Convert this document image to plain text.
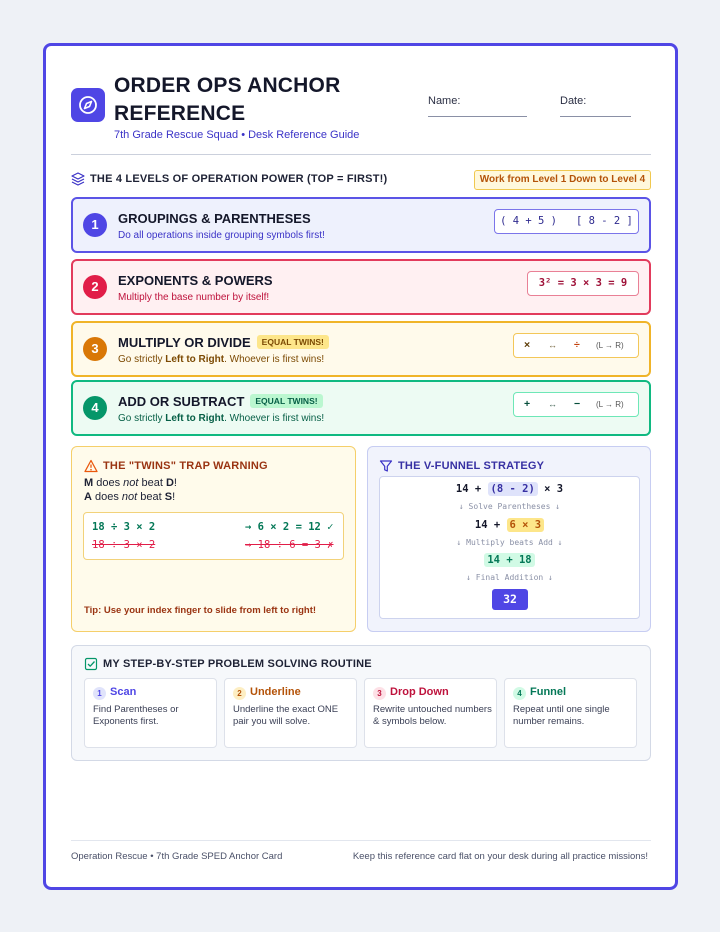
ORDER OPS ANCHOR REFERENCE
7th Grade Rescue Squad • Desk Reference Guide
Name:	Date:
THE 4 LEVELS OF OPERATION POWER (TOP = FIRST!)	Work from Level 1 Down to Level 4
1	GROUPINGS & PARENTHESES
Do all operations inside grouping symbols first!
( 4 + 5 )   [ 8 - 2 ]
2	EXPONENTS & POWERS
Multiply the base number by itself!
3² = 3 × 3 = 9
3	MULTIPLY OR DIVIDE EQUAL TWINS!
Go strictly Left to Right. Whoever is first wins!
× ↔ ÷ (L → R)
4	ADD OR SUBTRACT EQUAL TWINS!
Go strictly Left to Right. Whoever is first wins!
+ ↔ − (L → R)
THE "TWINS" TRAP WARNING
M does not beat D!
A does not beat S!
18 ÷ 3 × 2	→ 6 × 2 = 12 ✓
18 ÷ 3 × 2	→ 18 ÷ 6 = 3 ✗
Tip: Use your index finger to slide from left to right!
THE V-FUNNEL STRATEGY
14 + (8 - 2) × 3
↓ Solve Parentheses ↓
14 + 6 × 3
↓ Multiply beats Add ↓
14 + 18
↓ Final Addition ↓
32
MY STEP-BY-STEP PROBLEM SOLVING ROUTINE
1 Scan
Find Parentheses or Exponents first.
2 Underline
Underline the exact ONE pair you will solve.
3 Drop Down
Rewrite untouched numbers & symbols below.
4 Funnel
Repeat until one single number remains.
Operation Rescue • 7th Grade SPED Anchor Card	Keep this reference card flat on your desk during all practice missions!
